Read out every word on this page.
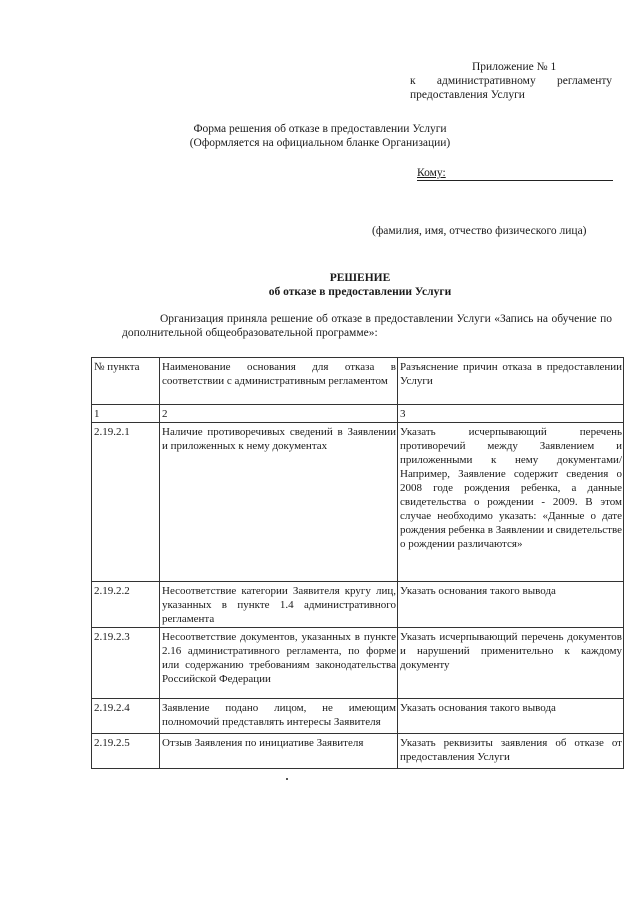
Приложение № 1
к административному регламенту
предоставления Услуги
Форма решения об отказе в предоставлении Услуги
(Оформляется на официальном бланке Организации)
Кому:
(фамилия, имя, отчество физического лица)
РЕШЕНИЕ
об отказе в предоставлении Услуги
Организация приняла решение об отказе в предоставлении Услуги «Запись на обучение по дополнительной общеобразовательной программе»:
№ пункта	Наименование основания для отказа в соответствии с административным регламентом	Разъяснение причин отказа в предоставлении Услуги
1	2	3
2.19.2.1	Наличие противоречивых сведений в Заявлении и приложенных к нему документах	Указать исчерпывающий перечень противоречий между Заявлением и приложенными к нему документами/ Например, Заявление содержит сведения о 2008 годе рождения ребенка, а данные свидетельства о рождении - 2009. В этом случае необходимо указать: «Данные о дате рождения ребенка в Заявлении и свидетельстве о рождении различаются»
2.19.2.2	Несоответствие категории Заявителя кругу лиц, указанных в пункте 1.4 административного регламента	Указать основания такого вывода
2.19.2.3	Несоответствие документов, указанных в пункте 2.16 административного регламента, по форме или содержанию требованиям законодательства Российской Федерации	Указать исчерпывающий перечень документов и нарушений применительно к каждому документу
2.19.2.4	Заявление подано лицом, не имеющим полномочий представлять интересы Заявителя	Указать основания такого вывода
2.19.2.5	Отзыв Заявления по инициативе Заявителя	Указать реквизиты заявления об отказе от предоставления Услуги
